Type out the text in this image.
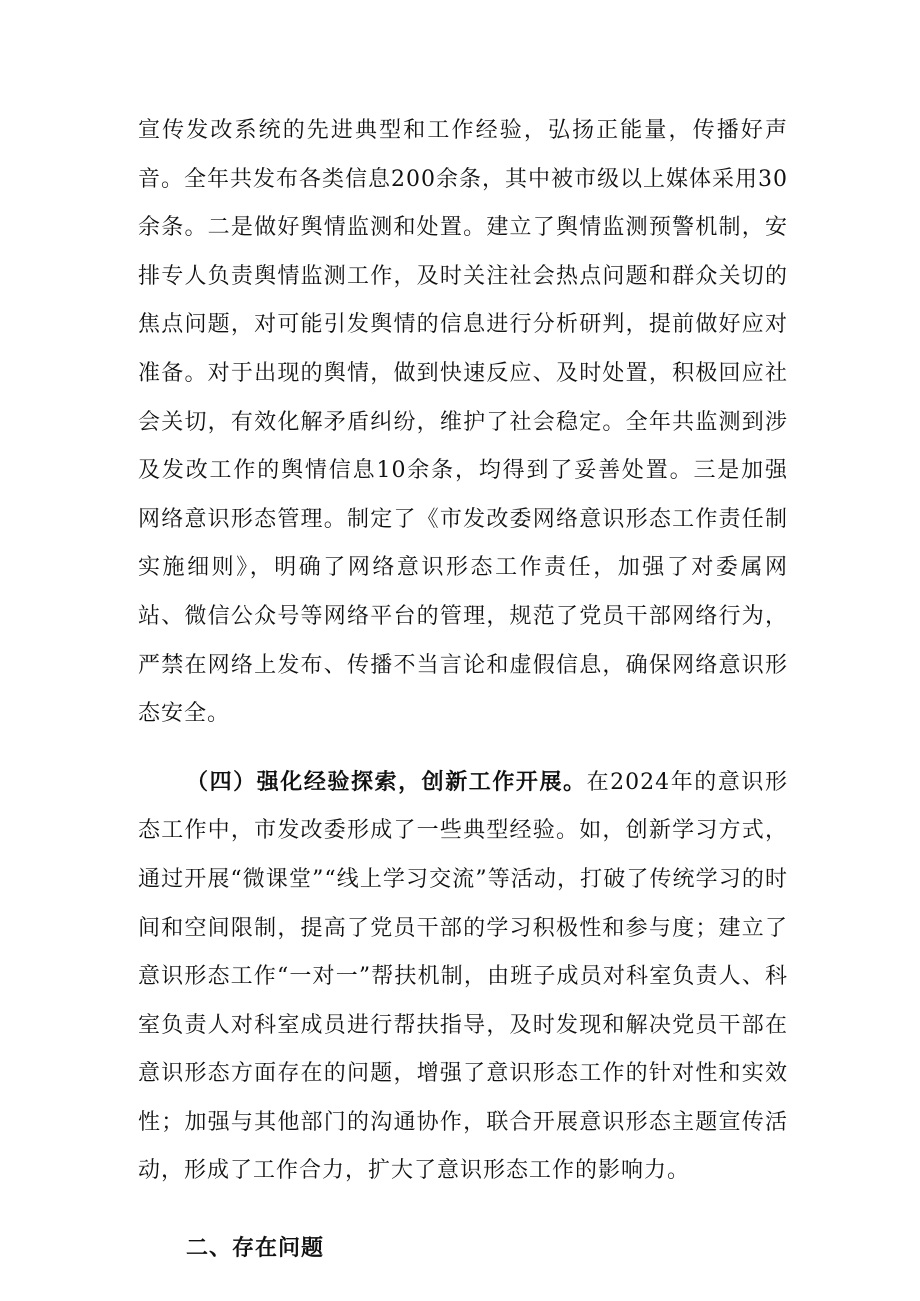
宣传发改系统的先进典型和工作经验，弘扬正能量，传播好声音。全年共发布各类信息200余条，其中被市级以上媒体采用30余条。二是做好舆情监测和处置。建立了舆情监测预警机制，安排专人负责舆情监测工作，及时关注社会热点问题和群众关切的焦点问题，对可能引发舆情的信息进行分析研判，提前做好应对准备。对于出现的舆情，做到快速反应、及时处置，积极回应社会关切，有效化解矛盾纠纷，维护了社会稳定。全年共监测到涉及发改工作的舆情信息10余条，均得到了妥善处置。三是加强网络意识形态管理。制定了《市发改委网络意识形态工作责任制实施细则》，明确了网络意识形态工作责任，加强了对委属网站、微信公众号等网络平台的管理，规范了党员干部网络行为，严禁在网络上发布、传播不当言论和虚假信息，确保网络意识形态安全。

（四）强化经验探索，创新工作开展。在2024年的意识形态工作中，市发改委形成了一些典型经验。如，创新学习方式，通过开展“微课堂”“线上学习交流”等活动，打破了传统学习的时间和空间限制，提高了党员干部的学习积极性和参与度；建立了意识形态工作“一对一”帮扶机制，由班子成员对科室负责人、科室负责人对科室成员进行帮扶指导，及时发现和解决党员干部在意识形态方面存在的问题，增强了意识形态工作的针对性和实效性；加强与其他部门的沟通协作，联合开展意识形态主题宣传活动，形成了工作合力，扩大了意识形态工作的影响力。

二、存在问题
